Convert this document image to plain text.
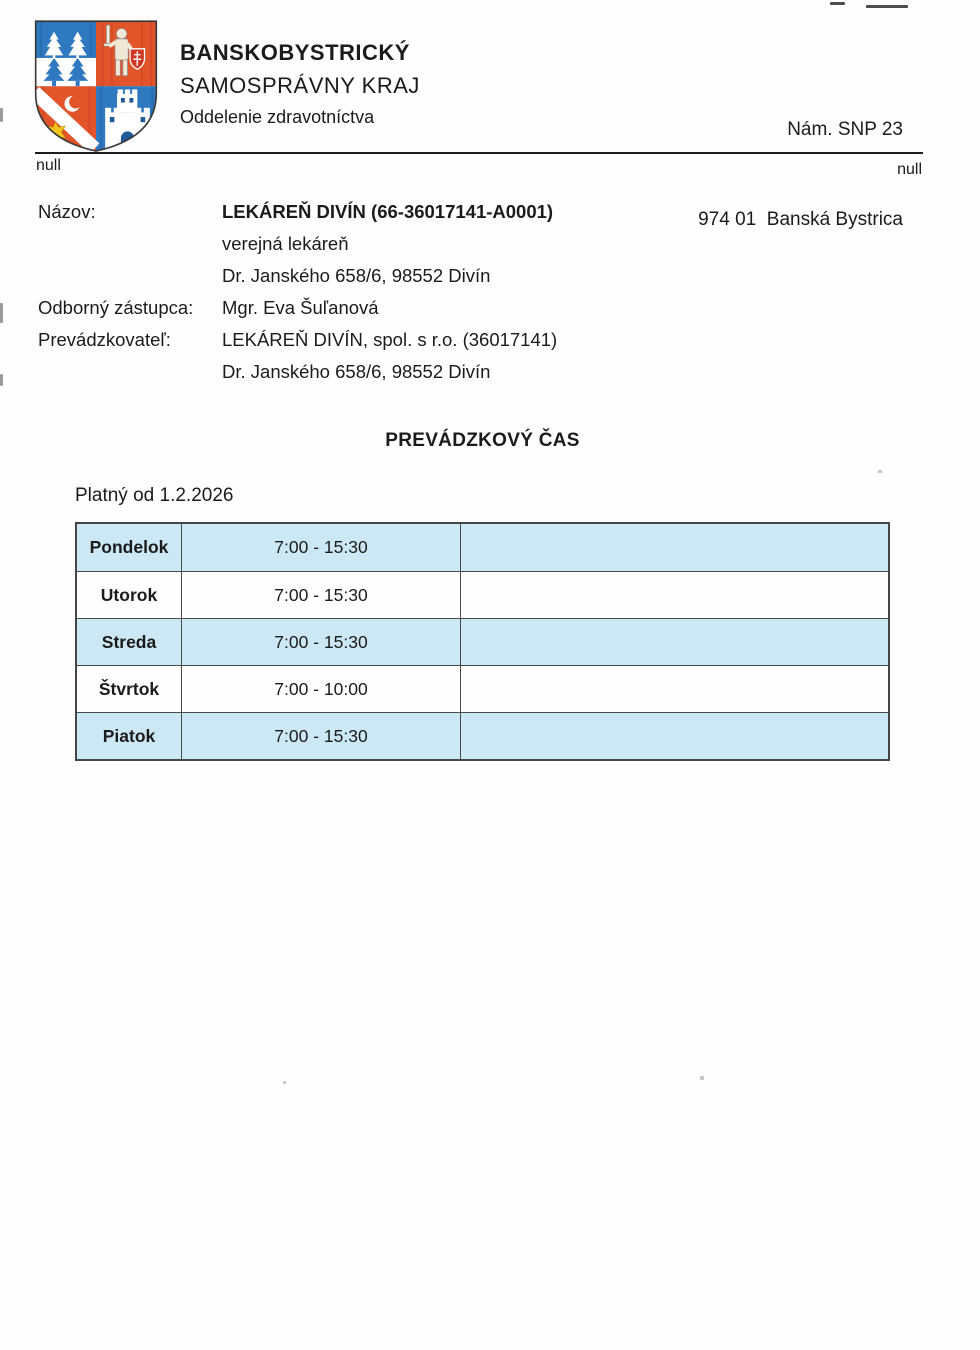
BANSKOBYSTRICKÝ
SAMOSPRÁVNY KRAJ
Oddelenie zdravotníctva

Nám. SNP 23

974 01  Banská Bystrica

null	null
Názov:	LEKÁREŇ DIVÍN (66-36017141-A0001)
verejná lekáreň
Dr. Janského 658/6, 98552 Divín
Odborný zástupca:	Mgr. Eva Šuľanová
Prevádzkovateľ:	LEKÁREŇ DIVÍN, spol. s r.o. (36017141)
Dr. Janského 658/6, 98552 Divín
PREVÁDZKOVÝ ČAS
Platný od 1.2.2026
Pondelok	7:00 - 15:30
Utorok	7:00 - 15:30
Streda	7:00 - 15:30
Štvrtok	7:00 - 10:00
Piatok	7:00 - 15:30
